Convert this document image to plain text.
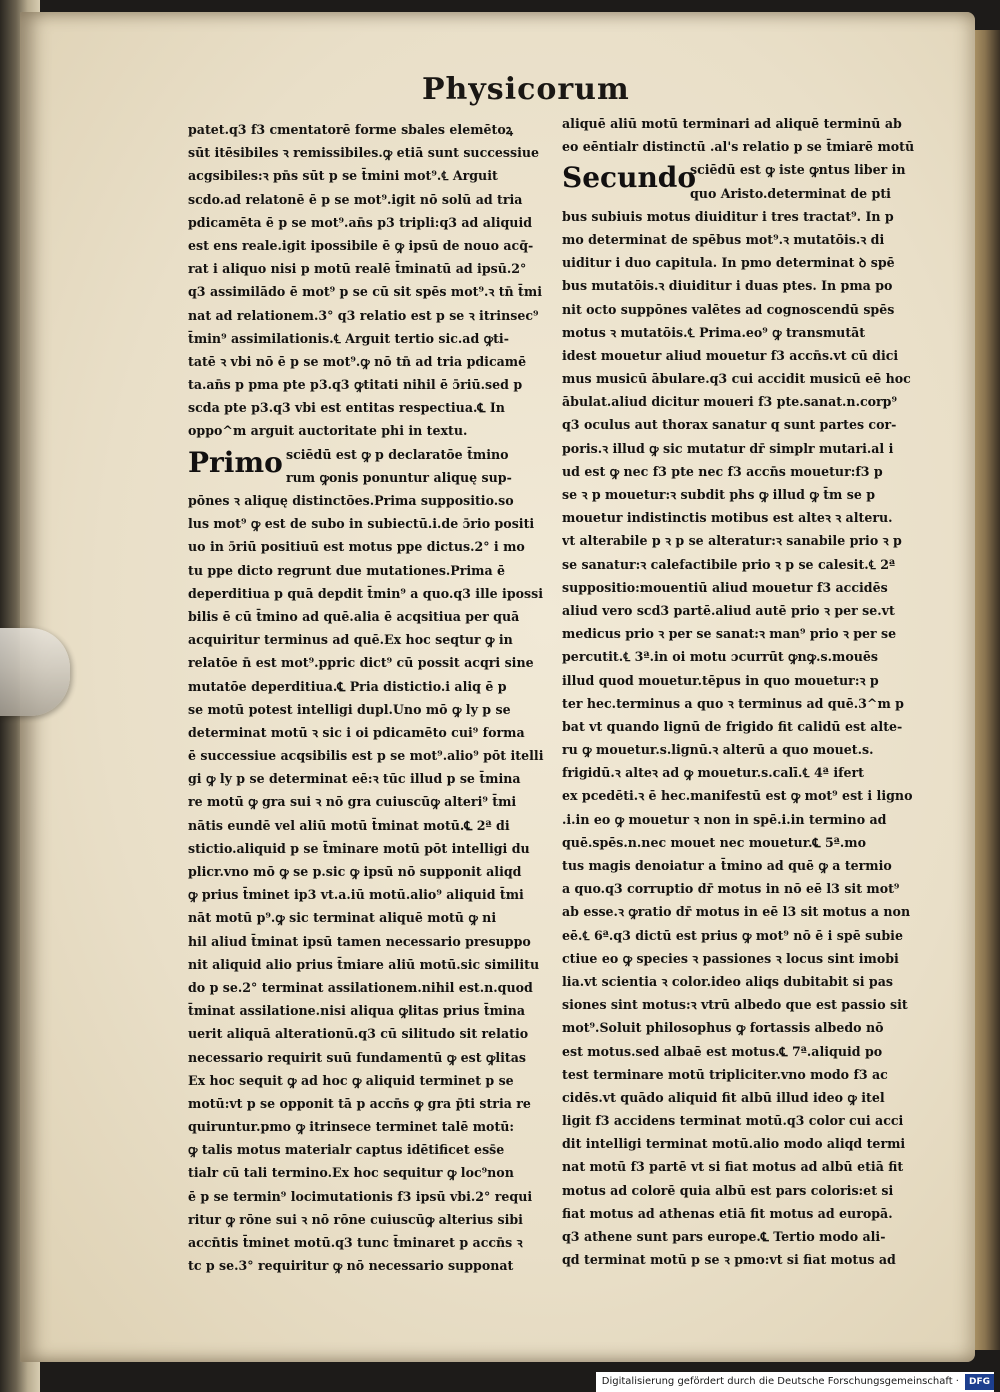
Physicorum
patet.q3 f3 cmentatorē forme sbales elemētoꝝ
sūt itēsibiles ꝛ remissibiles.ꝙ etiā sunt successiue
acgsibiles:ꝛ pn̄s sūt p se t̄mini mot⁹.℄ Arguit
scdo.ad relatonē ē p se mot⁹.igit nō solū ad tria
pdicamēta ē p se mot⁹.an̄s p3 tripli:q3 ad aliquid
est ens reale.igit ipossibile ē ꝙ ipsū de nouo acq̄-
rat i aliquo nisi p motū realē t̄minatū ad ipsū.2°
q3 assimilādo ē mot⁹ p se cū sit spēs mot⁹.ꝛ tn̄ t̄mi
nat ad relationem.3° q3 relatio est p se ꝛ itrinsec⁹
t̄min⁹ assimilationis.℄ Arguit tertio sic.ad ꝙti-
tatē ꝛ vbi nō ē p se mot⁹.ꝙ nō tn̄ ad tria pdicamē
ta.an̄s p pma pte p3.q3 ꝙtitati nihil ē ɔ̄riū.sed p
scda pte p3.q3 vbi est entitas respectiua.℄ In
oppo^m arguit auctoritate phi in textu.
Primo sciēdū est ꝙ p declaratōe t̄mino
rum ꝙonis ponuntur aliquę sup-
pōnes ꝛ aliquę distinctōes.Prima suppositio.so
lus mot⁹ ꝙ est de subo in subiectū.i.de ɔ̄rio positi
uo in ɔ̄riū positiuū est motus ppe dictus.2° i mo
tu ppe dicto regrunt due mutationes.Prima ē
deperditiua p quā depdit t̄min⁹ a quo.q3 ille ipossi
bilis ē cū t̄mino ad quē.alia ē acqsitiua per quā
acquiritur terminus ad quē.Ex hoc seqtur ꝙ in
relatōe n̄ est mot⁹.ppric dict⁹ cū possit acqri sine
mutatōe deperditiua.℄ Pria distictio.i aliq ē p
se motū potest intelligi dupl.Uno mō ꝙ ly p se
determinat motū ꝛ sic i oi pdicamēto cui⁹ forma
ē successiue acqsibilis est p se mot⁹.alio⁹ pōt itelli
gi ꝙ ly p se determinat eē:ꝛ tūc illud p se t̄mina
re motū ꝙ gra sui ꝛ nō gra cuiuscūꝙ alteri⁹ t̄mi
nātis eundē vel aliū motū t̄minat motū.℄ 2ª di
stictio.aliquid p se t̄minare motū pōt intelligi du
plicr.vno mō ꝙ se p.sic ꝙ ipsū nō supponit aliqd
ꝙ prius t̄minet ip3 vt.a.iū motū.alio⁹ aliquid t̄mi
nāt motū p⁹.ꝙ sic terminat aliquē motū ꝙ ni
hil aliud t̄minat ipsū tamen necessario presuppo
nit aliquid alio prius t̄miare aliū motū.sic similitu
do p se.2° terminat assilationem.nihil est.n.quod
t̄minat assilatione.nisi aliqua ꝙlitas prius t̄mina
uerit aliquā alterationū.q3 cū silitudo sit relatio
necessario requirit suū fundamentū ꝙ est ꝙlitas
Ex hoc sequit ꝙ ad hoc ꝙ aliquid terminet p se
motū:vt p se opponit tā p accn̄s ꝙ gra p̄ti stria re
quiruntur.pmo ꝙ itrinsece terminet talē motū:
ꝙ talis motus materialr captus idētificet ess̄e
tialr cū tali termino.Ex hoc sequitur ꝙ loc⁹non
ē p se termin⁹ locimutationis f3 ipsū vbi.2° requi
ritur ꝙ rōne sui ꝛ nō rōne cuiuscūꝙ alterius sibi
accn̄tis t̄minet motū.q3 tunc t̄minaret p accn̄s ꝛ
tc p se.3° requiritur ꝙ nō necessario supponat
aliquē aliū motū terminari ad aliquē terminū ab
eo eēntialr distinctū .al's relatio p se t̄miarē motū
Secundo
sciēdū est ꝙ iste ꝙntus liber in
quo Aristo.determinat de pti
bus subiuis motus diuiditur i tres tractat⁹. In p
mo determinat de spēbus mot⁹.ꝛ mutatōis.ꝛ di
uiditur i duo capitula. In pmo determinat ꝺ spē
bus mutatōis.ꝛ diuiditur i duas ptes. In pma po
nit octo suppōnes valētes ad cognoscendū spēs
motus ꝛ mutatōis.℄ Prima.eo⁹ ꝙ transmutāt
idest mouetur aliud mouetur f3 accn̄s.vt cū dici
mus musicū ābulare.q3 cui accidit musicū eē hoc
ābulat.aliud dicitur moueri f3 pte.sanat.n.corp⁹
q3 oculus aut thorax sanatur q sunt partes cor-
poris.ꝛ illud ꝙ sic mutatur dr̄ simplr mutari.al i
ud est ꝙ nec f3 pte nec f3 accn̄s mouetur:f3 p
se ꝛ p mouetur:ꝛ subdit phs ꝙ illud ꝙ t̄m se p
mouetur indistinctis motibus est alteꝛ ꝛ alteru.
vt alterabile p ꝛ p se alteratur:ꝛ sanabile prio ꝛ p
se sanatur:ꝛ calefactibile prio ꝛ p se calesit.℄ 2ª
suppositio:mouentiū aliud mouetur f3 accidēs
aliud vero scd3 partē.aliud autē prio ꝛ per se.vt
medicus prio ꝛ per se sanat:ꝛ man⁹ prio ꝛ per se
percutit.℄ 3ª.in oi motu ɔcurrūt ꝙnꝙ.s.mouēs
illud quod mouetur.tēpus in quo mouetur:ꝛ p
ter hec.terminus a quo ꝛ terminus ad quē.3^m p
bat vt quando lignū de frigido fit calidū est alte-
ru ꝙ mouetur.s.lignū.ꝛ alterū a quo mouet.s.
frigidū.ꝛ alteꝛ ad ꝙ mouetur.s.calī.℄ 4ª ifert
ex pcedēti.ꝛ ē hec.manifestū est ꝙ mot⁹ est i ligno
.i.in eo ꝙ mouetur ꝛ non in spē.i.in termino ad
quē.spēs.n.nec mouet nec mouetur.℄ 5ª.mo
tus magis denoiatur a t̄mino ad quē ꝙ a termio
a quo.q3 corruptio dr̄ motus in nō eē l3 sit mot⁹
ab esse.ꝛ ꝙratio dr̄ motus in eē l3 sit motus a non
eē.℄ 6ª.q3 dictū est prius ꝙ mot⁹ nō ē i spē subie
ctiue eo ꝙ species ꝛ passiones ꝛ locus sint imobi
lia.vt scientia ꝛ color.ideo aliqs dubitabit si pas
siones sint motus:ꝛ vtrū albedo que est passio sit
mot⁹.Soluit philosophus ꝙ fortassis albedo nō
est motus.sed albaē est motus.℄ 7ª.aliquid po
test terminare motū tripliciter.vno modo f3 ac
cidēs.vt quādo aliquid fit albū illud ideo ꝙ itel
ligit f3 accidens terminat motū.q3 color cui acci
dit intelligi terminat motū.alio modo aliqd termi
nat motū f3 partē vt si fiat motus ad albū etiā fit
motus ad colorē quia albū est pars coloris:et si
fiat motus ad athenas etiā fit motus ad europā.
q3 athene sunt pars europe.℄ Tertio modo ali-
qd terminat motū p se ꝛ pmo:vt si fiat motus ad
Digitalisierung gefördert durch die Deutsche Forschungsgemeinschaft ·	DFG
